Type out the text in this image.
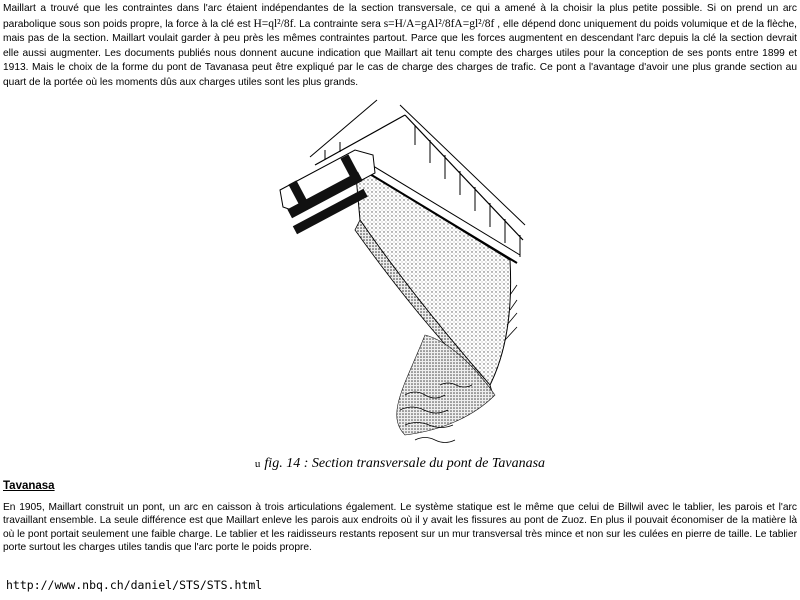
Maillart a trouvé que les contraintes dans l'arc étaient indépendantes de la section transversale, ce qui a amené à la choisir la plus petite possible. Si on prend un arc parabolique sous son poids propre, la force à la clé est H=ql²/8f. La contrainte sera s=H/A=gAl²/8fA=gl²/8f , elle dépend donc uniquement du poids volumique et de la flèche, mais pas de la section. Maillart voulait garder à peu près les mêmes contraintes partout. Parce que les forces augmentent en descendant l'arc depuis la clé la section devrait elle aussi augmenter. Les documents publiés nous donnent aucune indication que Maillart ait tenu compte des charges utiles pour la conception de ses ponts entre 1899 et 1913. Mais le choix de la forme du pont de Tavanasa peut être expliqué par le cas de charge des charges de trafic. Ce pont a l'avantage d'avoir une plus grande section au quart de la portée où les moments dûs aux charges utiles sont les plus grands.

u fig. 14 : Section transversale du pont de Tavanasa

Tavanasa

En 1905, Maillart construit un pont, un arc en caisson à trois articulations également. Le système statique est le même que celui de Billwil avec le tablier, les parois et l'arc travaillant ensemble. La seule différence est que Maillart enleve les parois aux endroits où il y avait les fissures au pont de Zuoz. En plus il pouvait économiser de la matière là où le pont portait seulement une faible charge. Le tablier et les raidisseurs restants reposent sur un mur transversal très mince et non sur les culées en pierre de taille. Le tablier porte surtout les charges utiles tandis que l'arc porte le poids propre.

http://www.nbq.ch/daniel/STS/STS.html
